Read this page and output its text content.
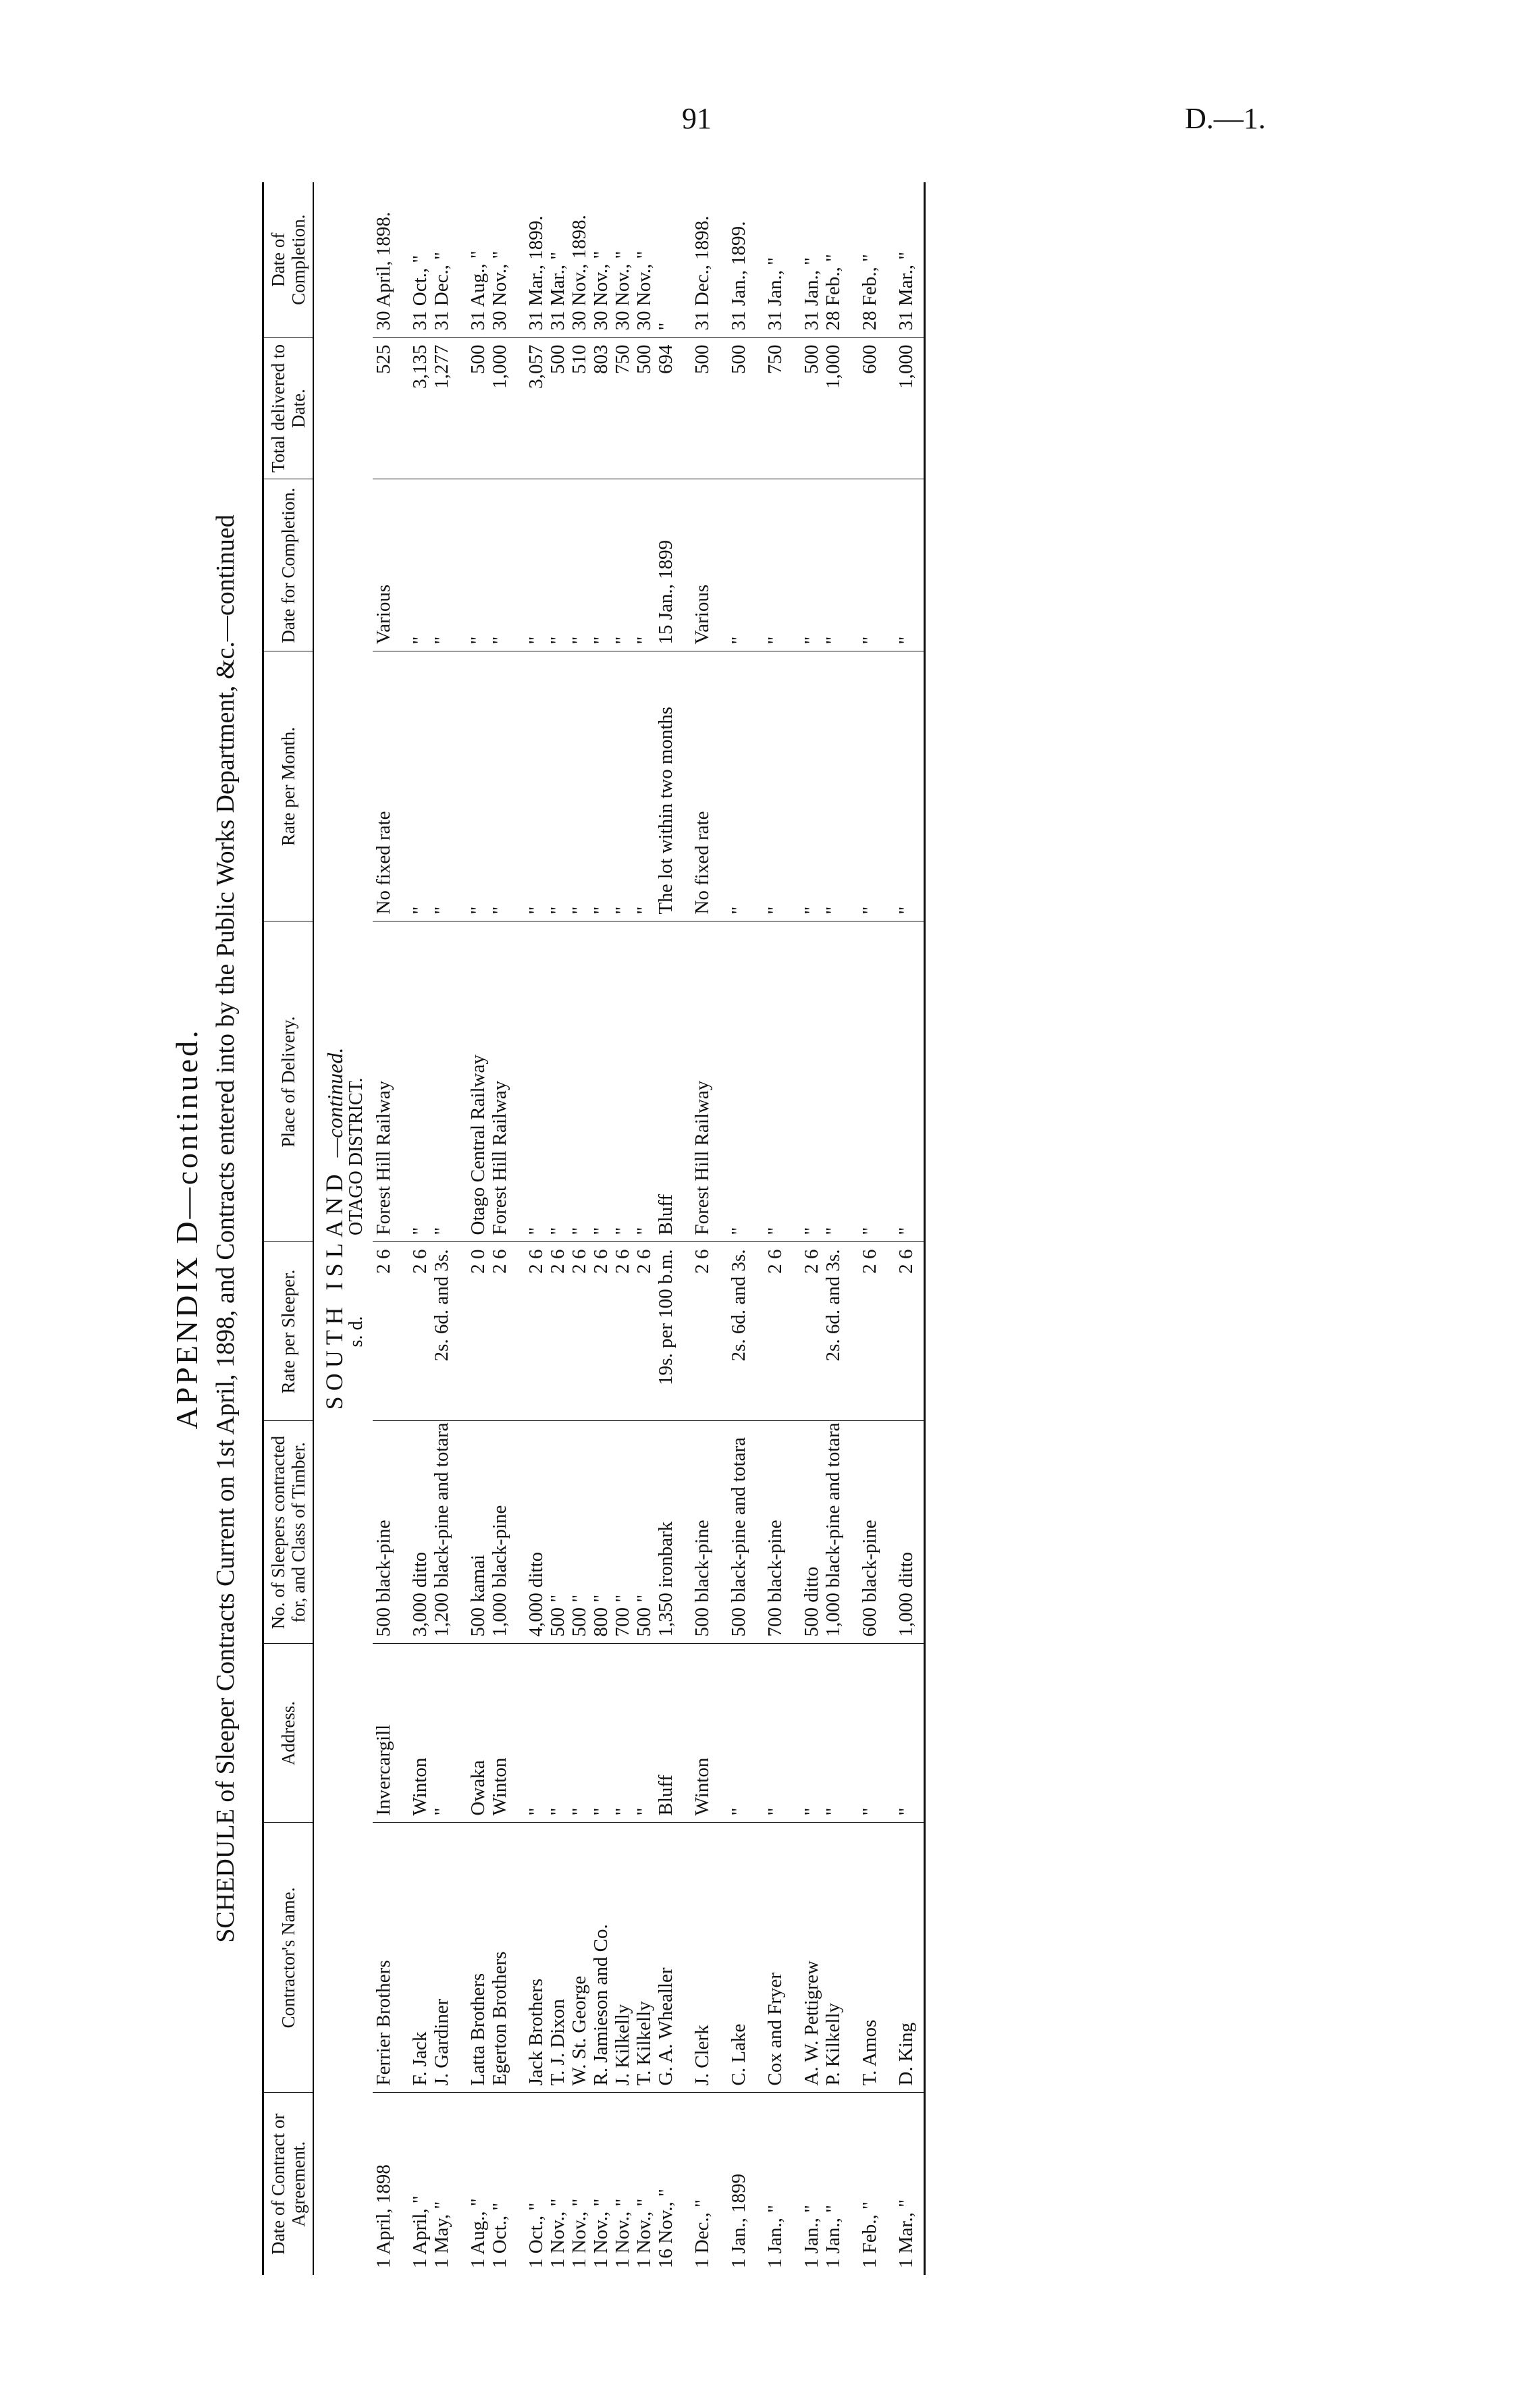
91	D.—1.
APPENDIX D—continued. SCHEDULE of Sleeper Contracts Current on 1st April, 1898, and Contracts entered into by the Public Works Department, &c.—continued
Date of Contract or Agreement.	Contractor's Name.	Address.	No. of Sleepers contracted for, and Class of Timber.	Rate per Sleeper.	Place of Delivery.	Rate per Month.	Date for Completion.	Total delivered to Date.	Date of Completion.
SOUTH ISLAND —continued.									
				s. d.	OTAGO DISTRICT.				
1 April, 1898	Ferrier Brothers	Invercargill	500 black-pine	2 6	Forest Hill Railway	No fixed rate	Various	525	30 April, 1898.

1 April, "	F. Jack	Winton	3,000 ditto	2 6	"	"	"	3,135	31 Oct., "
1 May, "	J. Gardiner	"	1,200 black-pine and totara	2s. 6d. and 3s.	"	"	"	1,277	31 Dec., "

1 Aug., "	Latta Brothers	Owaka	500 kamai	2 0	Otago Central Railway	"	"	500	31 Aug., "
1 Oct., "	Egerton Brothers	Winton	1,000 black-pine	2 6	Forest Hill Railway	"	"	1,000	30 Nov., "

1 Oct., "	Jack Brothers	"	4,000 ditto	2 6	"	"	"	3,057	31 Mar., 1899.
1 Nov., "	T. J. Dixon	"	500 "	2 6	"	"	"	500	31 Mar., "
1 Nov., "	W. St. George	"	500 "	2 6	"	"	"	510	30 Nov., 1898.
1 Nov., "	R. Jamieson and Co.	"	800 "	2 6	"	"	"	803	30 Nov., "
1 Nov., "	J. Kilkelly	"	700 "	2 6	"	"	"	750	30 Nov., "
1 Nov., "	T. Kilkelly	"	500 "	2 6	"	"	"	500	30 Nov., "
16 Nov., "	G. A. Whealler	Bluff	1,350 ironbark	19s. per 100 b.m.	Bluff	The lot within two months	15 Jan., 1899	694	"

1 Dec., "	J. Clerk	Winton	500 black-pine	2 6	Forest Hill Railway	No fixed rate	Various	500	31 Dec., 1898.

1 Jan., 1899	C. Lake	"	500 black-pine and totara	2s. 6d. and 3s.	"	"	"	500	31 Jan., 1899.

1 Jan., "	Cox and Fryer	"	700 black-pine	2 6	"	"	"	750	31 Jan., "

1 Jan., "	A. W. Pettigrew	"	500 ditto	2 6	"	"	"	500	31 Jan., "
1 Jan., "	P. Kilkelly	"	1,000 black-pine and totara	2s. 6d. and 3s.	"	"	"	1,000	28 Feb., "

1 Feb., "	T. Amos	"	600 black-pine	2 6	"	"	"	600	28 Feb., "

1 Mar., "	D. King	"	1,000 ditto	2 6	"	"	"	1,000	31 Mar., "
